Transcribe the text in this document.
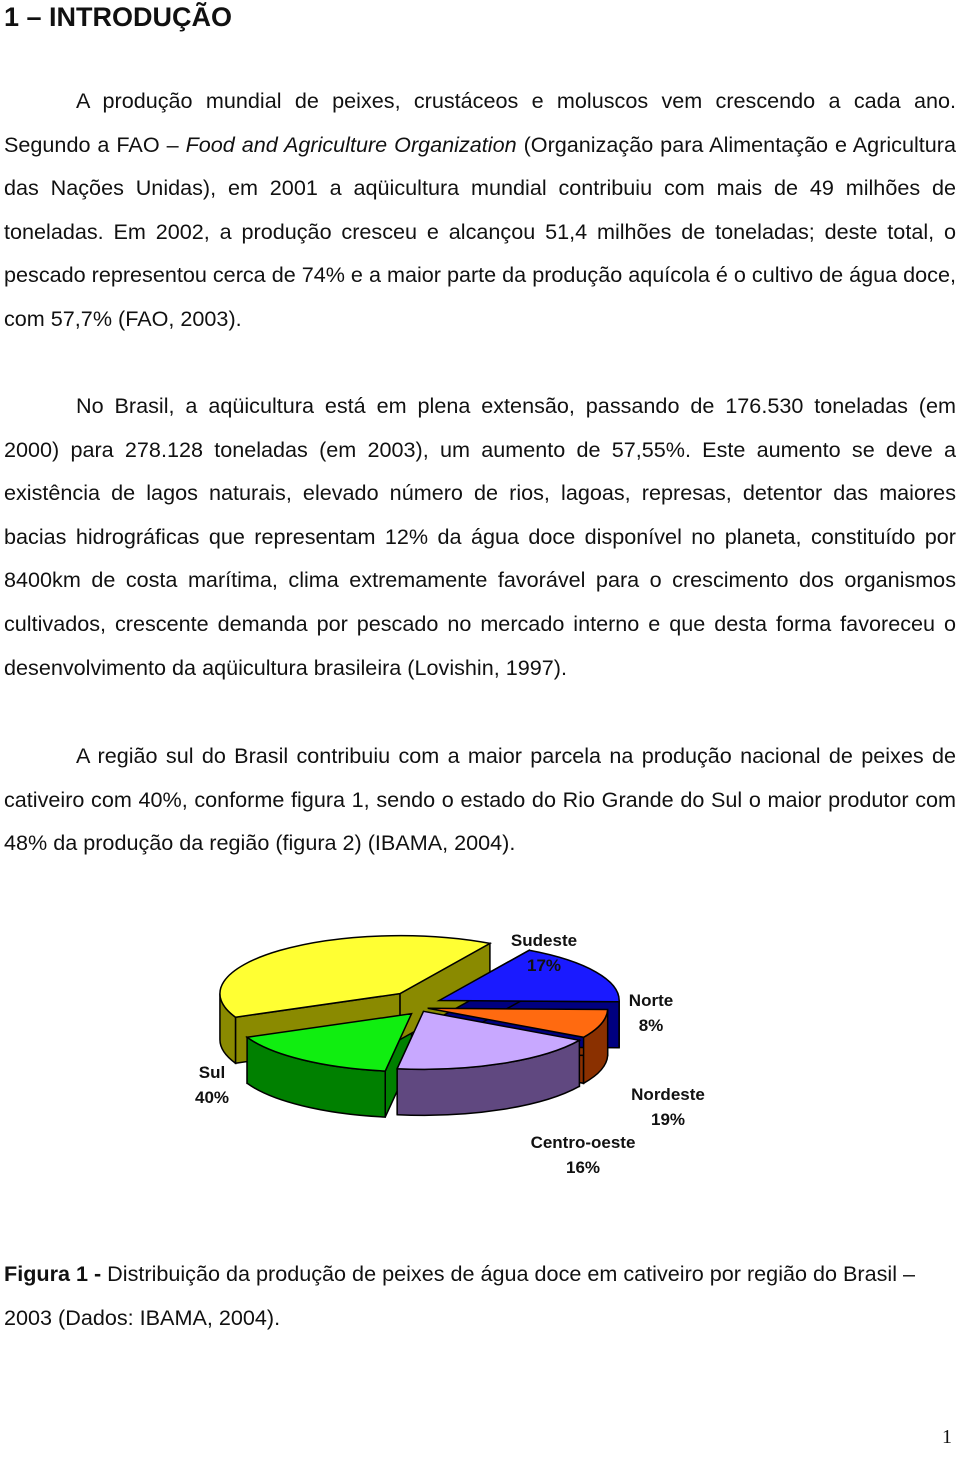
1 – INTRODUÇÃO

A produção mundial de peixes, crustáceos e moluscos vem crescendo a cada ano. Segundo a FAO – Food and Agriculture Organization (Organização para Alimentação e Agricultura das Nações Unidas), em 2001 a aqüicultura mundial contribuiu com mais de 49 milhões de toneladas. Em 2002, a produção cresceu e alcançou 51,4 milhões de toneladas; deste total, o pescado representou cerca de 74% e a maior parte da produção aquícola é o cultivo de água doce, com 57,7% (FAO, 2003).

No Brasil, a aqüicultura está em plena extensão, passando de 176.530 toneladas (em 2000) para 278.128 toneladas (em 2003), um aumento de 57,55%. Este aumento se deve a existência de lagos naturais, elevado número de rios, lagoas, represas, detentor das maiores bacias hidrográficas que representam 12% da água doce disponível no planeta, constituído por 8400km de costa marítima, clima extremamente favorável para o crescimento dos organismos cultivados, crescente demanda por pescado no mercado interno e que desta forma favoreceu o desenvolvimento da aqüicultura brasileira (Lovishin, 1997).

A região sul do Brasil contribuiu com a maior parcela na produção nacional de peixes de cativeiro com 40%, conforme figura 1, sendo o estado do Rio Grande do Sul o maior produtor com 48% da produção da região (figura 2) (IBAMA, 2004).

Sul
40%
Sudeste
17%
Norte
8%
Nordeste
19%
Centro-oeste
16%

Figura 1 - Distribuição da produção de peixes de água doce em cativeiro por região do Brasil – 2003 (Dados: IBAMA, 2004).

1
